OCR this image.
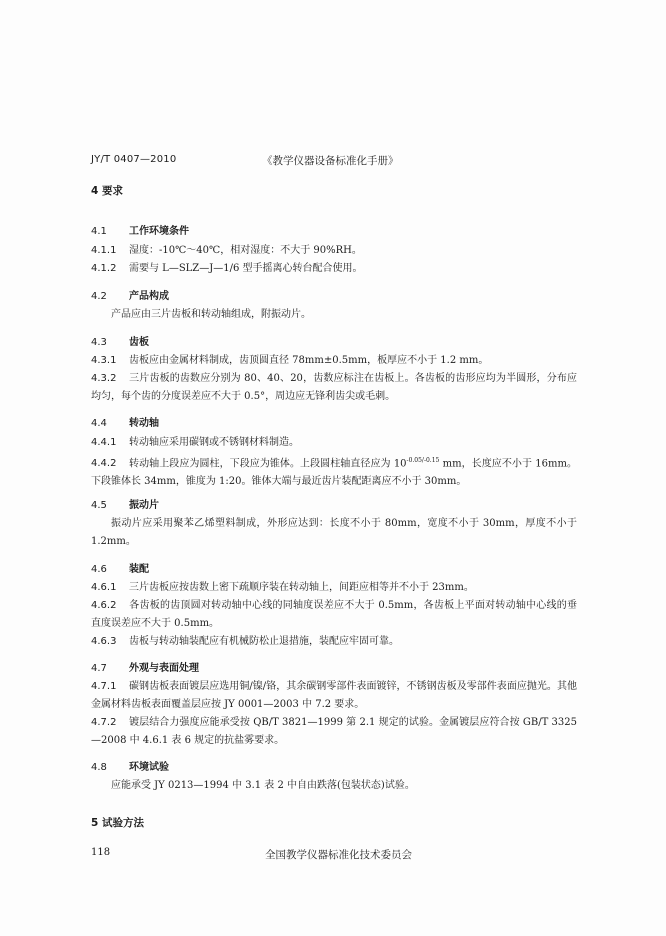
JY/T 0407—2010	《教学仪器设备标准化手册》
4 要求
4.1 工作环境条件
4.1.1 湿度：-10℃～40℃，相对湿度：不大于 90%RH。
4.1.2 需要与 L—SLZ—J—1/6 型手摇离心转台配合使用。
4.2 产品构成
产品应由三片齿板和转动轴组成，附振动片。
4.3 齿板
4.3.1 齿板应由金属材料制成，齿顶圆直径 78mm±0.5mm，板厚应不小于 1.2 mm。
4.3.2 三片齿板的齿数应分别为 80、40、20，齿数应标注在齿板上。各齿板的齿形应均为半圆形，分布应均匀，每个齿的分度误差应不大于 0.5°，周边应无锋利齿尖或毛刺。
4.4 转动轴
4.4.1 转动轴应采用碳钢或不锈钢材料制造。
4.4.2 转动轴上段应为圆柱，下段应为锥体。上段圆柱轴直径应为 $10^{-0.05/-0.15}$ mm，长度应不小于 16mm。下段锥体长 34mm，锥度为 1:20。锥体大端与最近齿片装配距离应不小于 30mm。
4.5 振动片
振动片应采用聚苯乙烯塑料制成，外形应达到：长度不小于 80mm，宽度不小于 30mm，厚度不小于 1.2mm。
4.6 装配
4.6.1 三片齿板应按齿数上密下疏顺序装在转动轴上，间距应相等并不小于 23mm。
4.6.2 各齿板的齿顶圆对转动轴中心线的同轴度误差应不大于 0.5mm，各齿板上平面对转动轴中心线的垂直度误差应不大于 0.5mm。
4.6.3 齿板与转动轴装配应有机械防松止退措施，装配应牢固可靠。
4.7 外观与表面处理
4.7.1 碳钢齿板表面镀层应选用铜/镍/铬，其余碳钢零部件表面镀锌，不锈钢齿板及零部件表面应抛光。其他金属材料齿板表面覆盖层应按 JY 0001—2003 中 7.2 要求。
4.7.2 镀层结合力强度应能承受按 QB/T 3821—1999 第 2.1 规定的试验。金属镀层应符合按 GB/T 3325—2008 中 4.6.1 表 6 规定的抗盐雾要求。
4.8 环境试验
应能承受 JY 0213—1994 中 3.1 表 2 中自由跌落(包装状态)试验。
5 试验方法
118	全国教学仪器标准化技术委员会
